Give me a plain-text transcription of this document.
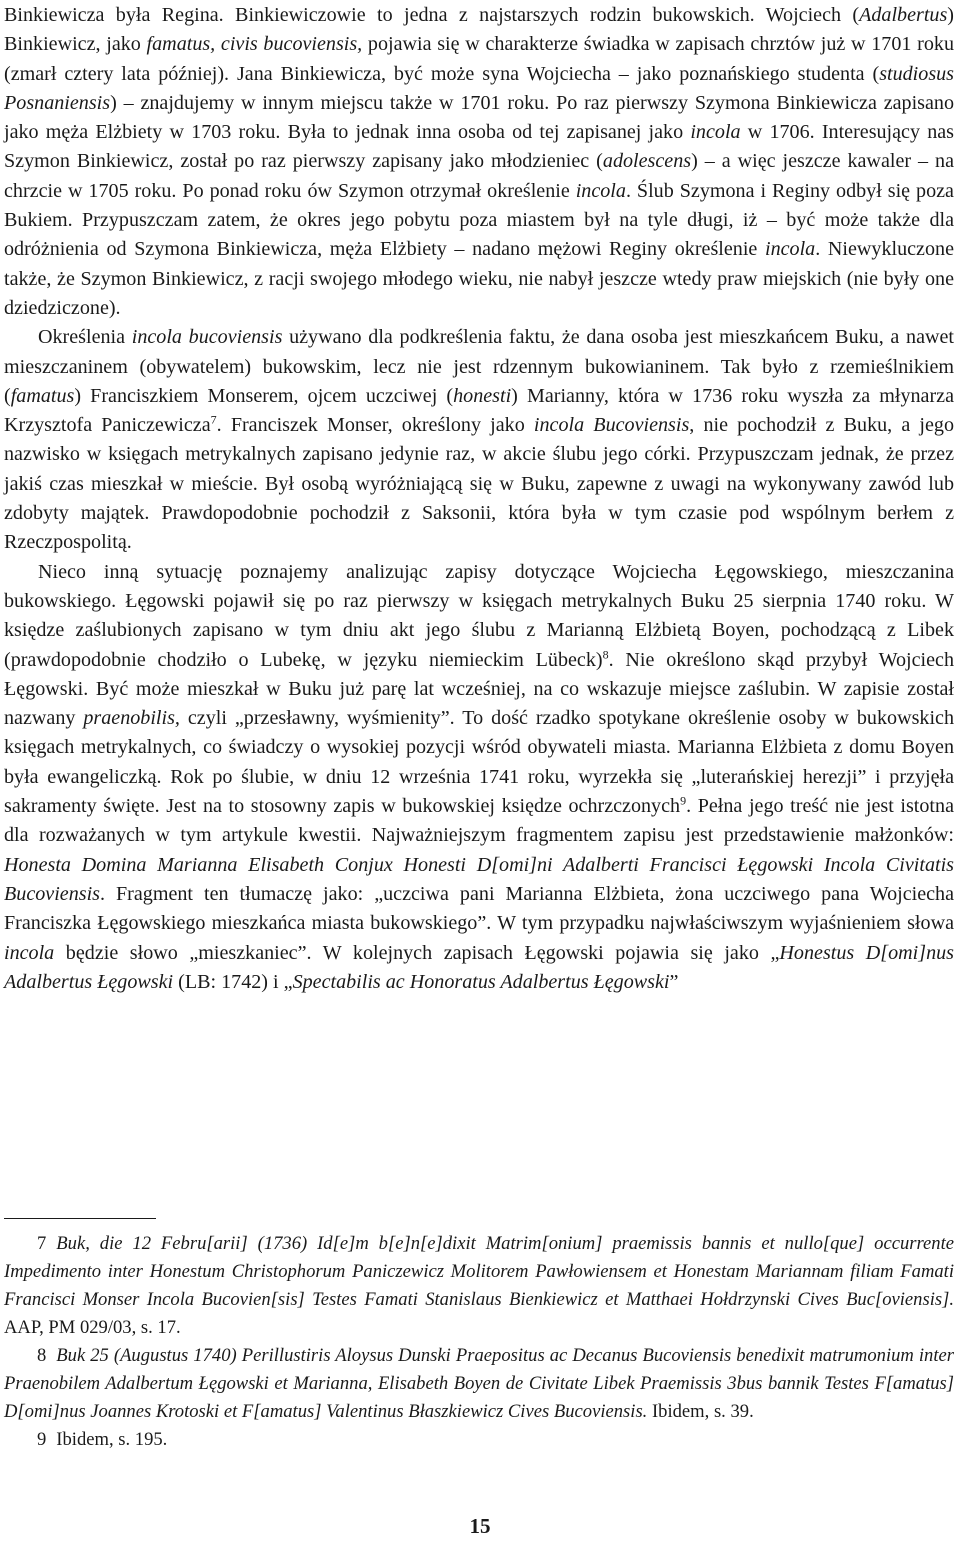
Binkiewicza była Regina. Binkiewiczowie to jedna z najstarszych rodzin bukowskich. Wojciech (Adalbertus) Binkiewicz, jako famatus, civis bucoviensis, pojawia się w charakterze świadka w zapisach chrztów już w 1701 roku (zmarł cztery lata później). Jana Binkiewicza, być może syna Wojciecha – jako poznańskiego studenta (studiosus Posnaniensis) – znajdujemy w innym miejscu także w 1701 roku. Po raz pierwszy Szymona Binkiewicza zapisano jako męża Elżbiety w 1703 roku. Była to jednak inna osoba od tej zapisanej jako incola w 1706. Interesujący nas Szymon Binkiewicz, został po raz pierwszy zapisany jako młodzieniec (adolescens) – a więc jeszcze kawaler – na chrzcie w 1705 roku. Po ponad roku ów Szymon otrzymał określenie incola. Ślub Szymona i Reginy odbył się poza Bukiem. Przypuszczam zatem, że okres jego pobytu poza miastem był na tyle długi, iż – być może także dla odróżnienia od Szymona Binkiewicza, męża Elżbiety – nadano mężowi Reginy określenie incola. Niewykluczone także, że Szymon Binkiewicz, z racji swojego młodego wieku, nie nabył jeszcze wtedy praw miejskich (nie były one dziedziczone).

Określenia incola bucoviensis używano dla podkreślenia faktu, że dana osoba jest mieszkańcem Buku, a nawet mieszczaninem (obywatelem) bukowskim, lecz nie jest rdzennym bukowianinem. Tak było z rzemieślnikiem (famatus) Franciszkiem Monserem, ojcem uczciwej (honesti) Marianny, która w 1736 roku wyszła za młynarza Krzysztofa Paniczewicza$^7$. Franciszek Monser, określony jako incola Bucoviensis, nie pochodził z Buku, a jego nazwisko w księgach metrykalnych zapisano jedynie raz, w akcie ślubu jego córki. Przypuszczam jednak, że przez jakiś czas mieszkał w mieście. Był osobą wyróżniającą się w Buku, zapewne z uwagi na wykonywany zawód lub zdobyty majątek. Prawdopodobnie pochodził z Saksonii, która była w tym czasie pod wspólnym berłem z Rzeczpospolitą.

Nieco inną sytuację poznajemy analizując zapisy dotyczące Wojciecha Łęgowskiego, mieszczanina bukowskiego. Łęgowski pojawił się po raz pierwszy w księgach metrykalnych Buku 25 sierpnia 1740 roku. W księdze zaślubionych zapisano w tym dniu akt jego ślubu z Marianną Elżbietą Boyen, pochodzącą z Libek (prawdopodobnie chodziło o Lubekę, w języku niemieckim Lübeck)$^8$. Nie określono skąd przybył Wojciech Łęgowski. Być może mieszkał w Buku już parę lat wcześniej, na co wskazuje miejsce zaślubin. W zapisie został nazwany praenobilis, czyli „przesławny, wyśmienity”. To dość rzadko spotykane określenie osoby w bukowskich księgach metrykalnych, co świadczy o wysokiej pozycji wśród obywateli miasta. Marianna Elżbieta z domu Boyen była ewangeliczką. Rok po ślubie, w dniu 12 września 1741 roku, wyrzekła się „luterańskiej herezji” i przyjęła sakramenty święte. Jest na to stosowny zapis w bukowskiej księdze ochrzczonych$^9$. Pełna jego treść nie jest istotna dla rozważanych w tym artykule kwestii. Najważniejszym fragmentem zapisu jest przedstawienie małżonków: Honesta Domina Marianna Elisabeth Conjux Honesti D[omi]ni Adalberti Francisci Łęgowski Incola Civitatis Bucoviensis. Fragment ten tłumaczę jako: „uczciwa pani Marianna Elżbieta, żona uczciwego pana Wojciecha Franciszka Łęgowskiego mieszkańca miasta bukowskiego”. W tym przypadku najwłaściwszym wyjaśnieniem słowa incola będzie słowo „mieszkaniec”. W kolejnych zapisach Łęgowski pojawia się jako „Honestus D[omi]nus Adalbertus Łęgowski (LB: 1742) i „Spectabilis ac Honoratus Adalbertus Łęgowski”

7 Buk, die 12 Febru[arii] (1736) Id[e]m b[e]n[e]dixit Matrim[onium] praemissis bannis et nullo[que] occurrente Impedimento inter Honestum Christophorum Paniczewicz Molitorem Pawłowiensem et Honestam Mariannam filiam Famati Francisci Monser Incola Bucovien[sis] Testes Famati Stanislaus Bienkiewicz et Matthaei Hołdrzynski Cives Buc[oviensis]. AAP, PM 029/03, s. 17.

8 Buk 25 (Augustus 1740) Perillustiris Aloysus Dunski Praepositus ac Decanus Bucoviensis benedixit matrumonium inter Praenobilem Adalbertum Łęgowski et Marianna, Elisabeth Boyen de Civitate Libek Praemissis 3bus bannik Testes F[amatus] D[omi]nus Joannes Krotoski et F[amatus] Valentinus Błaszkiewicz Cives Bucoviensis. Ibidem, s. 39.

9 Ibidem, s. 195.

15
